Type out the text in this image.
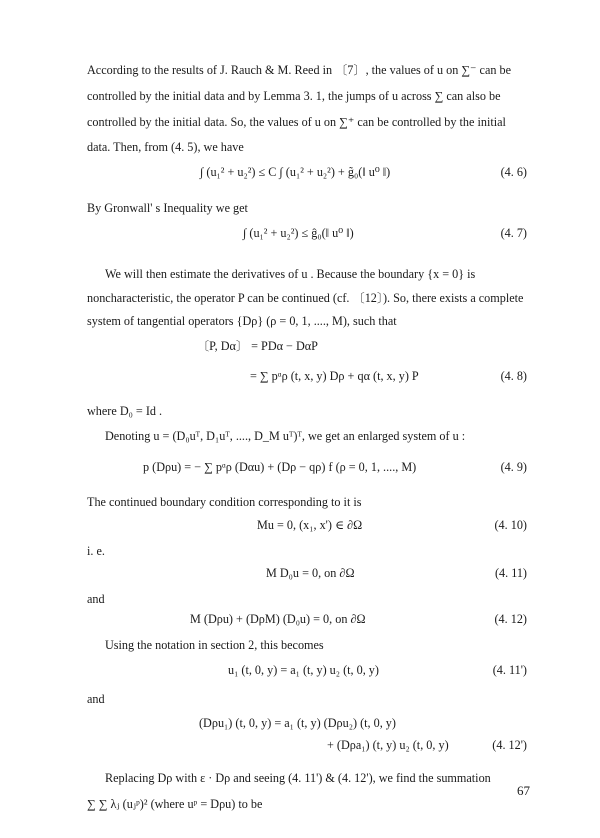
According to the results of J. Rauch & M. Reed in 〔7〕, the values of u on ∑⁻ can be
controlled by the initial data and by Lemma 3. 1, the jumps of u across ∑ can also be
controlled by the initial data. So, the values of u on ∑⁺ can be controlled by the initial
data. Then, from (4. 5), we have
∫ (u₁² + u₂²) ≤ C ∫ (u₁² + u₂²) + g̃₀(‖ u⁰ ‖)	(4. 6)
By Gronwall' s Inequality we get
∫ (u₁² + u₂²) ≤ ĝ₀(‖ u⁰ ‖)	(4. 7)
We will then estimate the derivatives of u . Because the boundary {x = 0} is
noncharacteristic, the operator P can be continued (cf. 〔12〕). So, there exists a complete
system of tangential operators {Dρ} (ρ = 0, 1, ...., M), such that
〔P, Dα〕 = PDα − DαP
= ∑ pᵅρ (t, x, y) Dρ + qα (t, x, y) P	(4. 8)
where D₀ = Id .
Denoting u = (D₀uᵀ, D₁uᵀ, ...., D_M uᵀ)ᵀ, we get an enlarged system of u :
p (Dρu) = − ∑ pᵅρ (Dαu) + (Dρ − qρ) f (ρ = 0, 1, ...., M)	(4. 9)
The continued boundary condition corresponding to it is
Mu = 0, (x₁, x') ∈ ∂Ω	(4. 10)
i. e.
M D₀u = 0, on ∂Ω	(4. 11)
and
M (Dρu) + (DρM) (D₀u) = 0, on ∂Ω	(4. 12)
Using the notation in section 2, this becomes
u₁ (t, 0, y) = a₁ (t, y) u₂ (t, 0, y)	(4. 11')
and
(Dρu₁) (t, 0, y) = a₁ (t, y) (Dρu₂) (t, 0, y)
+ (Dρa₁) (t, y) u₂ (t, 0, y)	(4. 12')
Replacing Dρ with ε · Dρ and seeing (4. 11') & (4. 12'), we find the summation
∑ ∑ λⱼ (uⱼᵖ)² (where uᵖ = Dρu) to be
67
